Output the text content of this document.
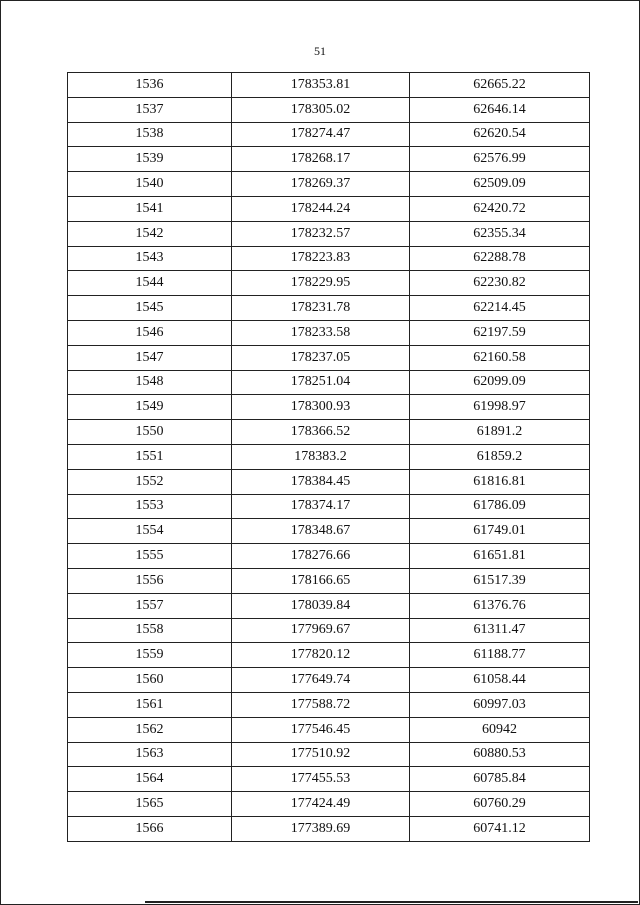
51
1536	178353.81	62665.22
1537	178305.02	62646.14
1538	178274.47	62620.54
1539	178268.17	62576.99
1540	178269.37	62509.09
1541	178244.24	62420.72
1542	178232.57	62355.34
1543	178223.83	62288.78
1544	178229.95	62230.82
1545	178231.78	62214.45
1546	178233.58	62197.59
1547	178237.05	62160.58
1548	178251.04	62099.09
1549	178300.93	61998.97
1550	178366.52	61891.2
1551	178383.2	61859.2
1552	178384.45	61816.81
1553	178374.17	61786.09
1554	178348.67	61749.01
1555	178276.66	61651.81
1556	178166.65	61517.39
1557	178039.84	61376.76
1558	177969.67	61311.47
1559	177820.12	61188.77
1560	177649.74	61058.44
1561	177588.72	60997.03
1562	177546.45	60942
1563	177510.92	60880.53
1564	177455.53	60785.84
1565	177424.49	60760.29
1566	177389.69	60741.12
